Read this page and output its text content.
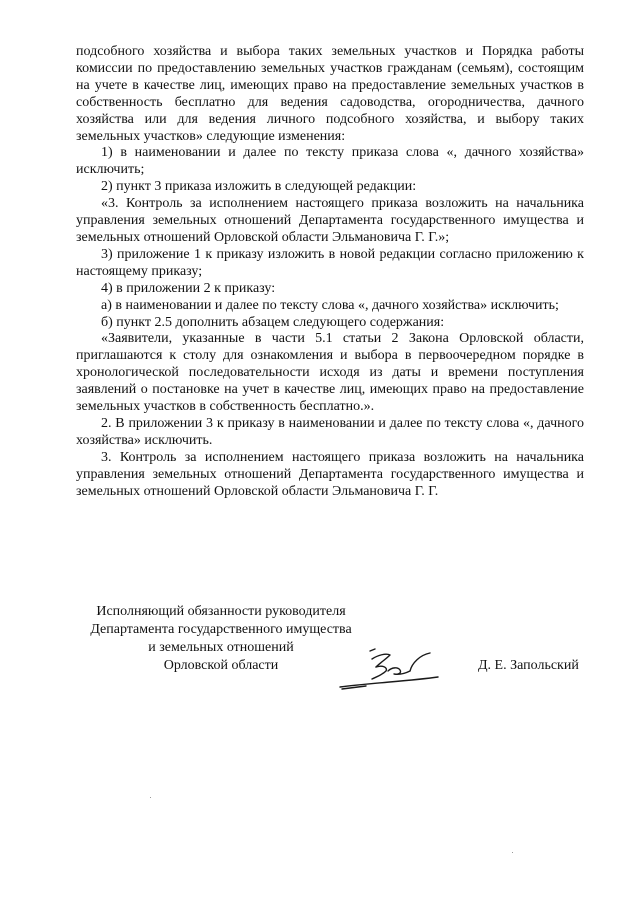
подсобного хозяйства и выбора таких земельных участков и Порядка работы комиссии по предоставлению земельных участков гражданам (семьям), состоящим на учете в качестве лиц, имеющих право на предоставление земельных участков в собственность бесплатно для ведения садоводства, огородничества, дачного хозяйства или для ведения личного подсобного хозяйства, и выбору таких земельных участков» следующие изменения:

1) в наименовании и далее по тексту приказа слова «, дачного хозяйства» исключить;

2) пункт 3 приказа изложить в следующей редакции:

«3. Контроль за исполнением настоящего приказа возложить на начальника управления земельных отношений Департамента государственного имущества и земельных отношений Орловской области Эльмановича Г. Г.»;

3) приложение 1 к приказу изложить в новой редакции согласно приложению к настоящему приказу;

4) в приложении 2 к приказу:

а) в наименовании и далее по тексту слова «, дачного хозяйства» исключить;

б) пункт 2.5 дополнить абзацем следующего содержания:

«Заявители, указанные в части 5.1 статьи 2 Закона Орловской области, приглашаются к столу для ознакомления и выбора в первоочередном порядке в хронологической последовательности исходя из даты и времени поступления заявлений о постановке на учет в качестве лиц, имеющих право на предоставление земельных участков в собственность бесплатно.».

2. В приложении 3 к приказу в наименовании и далее по тексту слова «, дачного хозяйства» исключить.

3. Контроль за исполнением настоящего приказа возложить на начальника управления земельных отношений Департамента государственного имущества и земельных отношений Орловской области Эльмановича Г. Г.

Исполняющий обязанности руководителя
Департамента государственного имущества
и земельных отношений
Орловской области	Д. Е. Запольский
